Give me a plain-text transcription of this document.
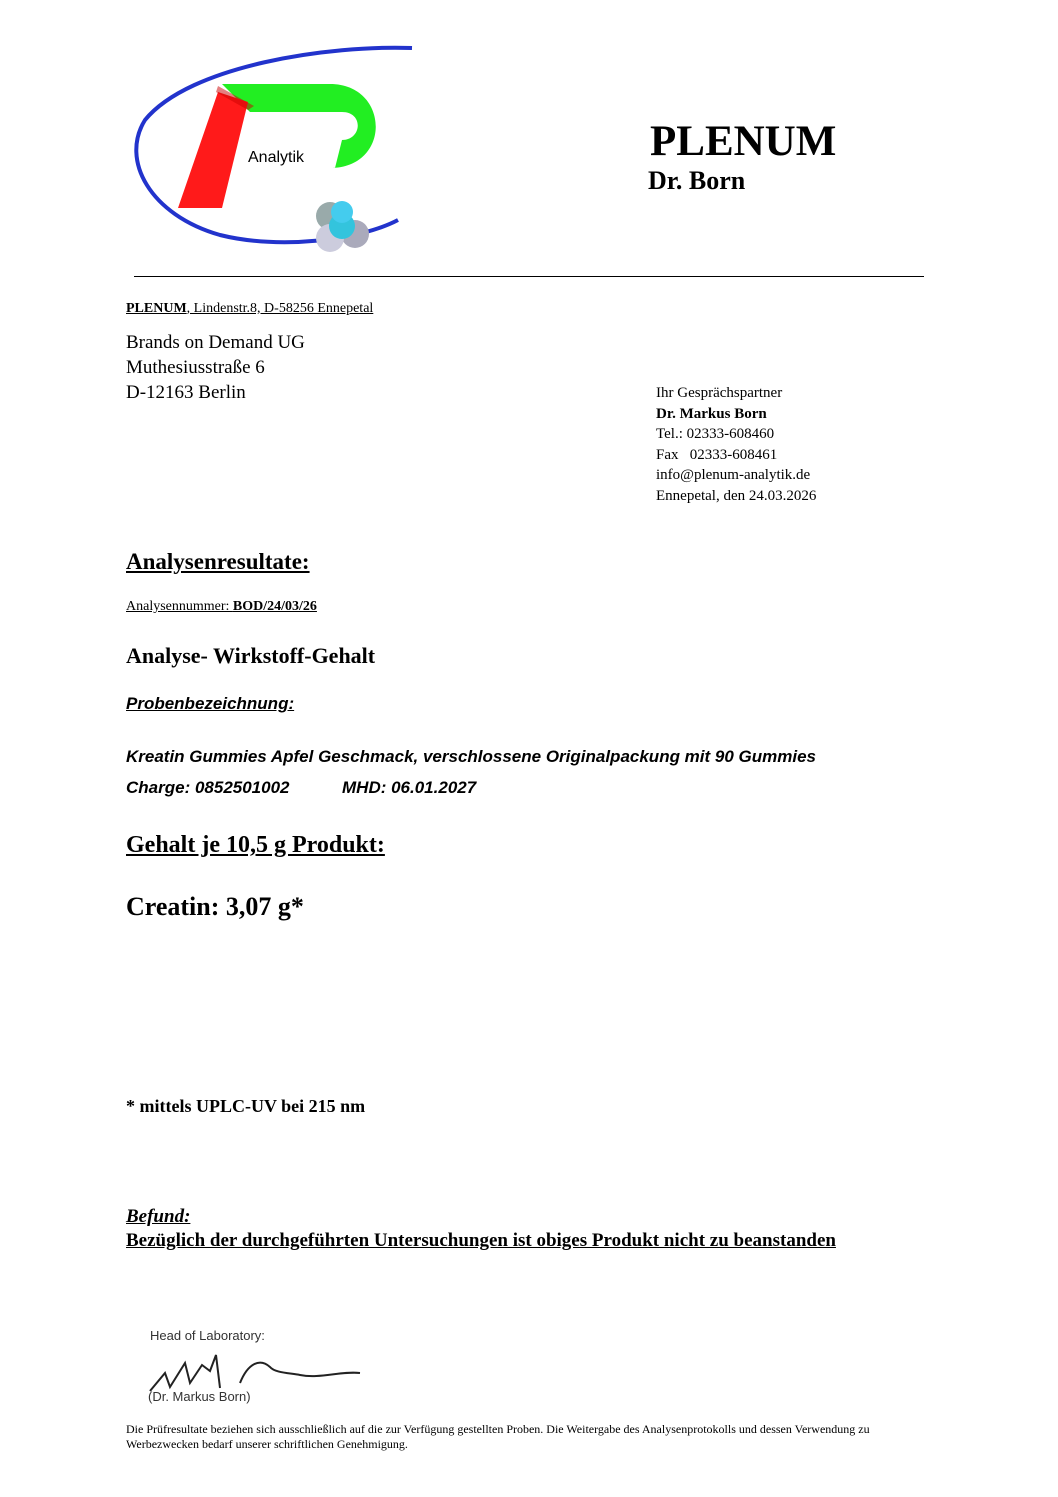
Analytik	PLENUM
Dr. Born
PLENUM, Lindenstr.8, D-58256 Ennepetal
Brands on Demand UG
Muthesiusstraße 6
D-12163 Berlin	Ihr Gesprächspartner
Dr. Markus Born
Tel.: 02333-608460
Fax   02333-608461
info@plenum-analytik.de
Ennepetal, den 24.03.2026
Analysenresultate:
Analysennummer: BOD/24/03/26
Analyse- Wirkstoff-Gehalt
Probenbezeichnung:
Kreatin Gummies Apfel Geschmack, verschlossene Originalpackung mit 90 Gummies
Charge: 0852501002	MHD: 06.01.2027
Gehalt je 10,5 g Produkt:
Creatin: 3,07 g*
* mittels UPLC-UV bei 215 nm
Befund:
Bezüglich der durchgeführten Untersuchungen ist obiges Produkt nicht zu beanstanden
Head of Laboratory:
(Dr. Markus Born)
Die Prüfresultate beziehen sich ausschließlich auf die zur Verfügung gestellten Proben. Die Weitergabe des Analysenprotokolls und dessen Verwendung zu Werbezwecken bedarf unserer schriftlichen Genehmigung.
